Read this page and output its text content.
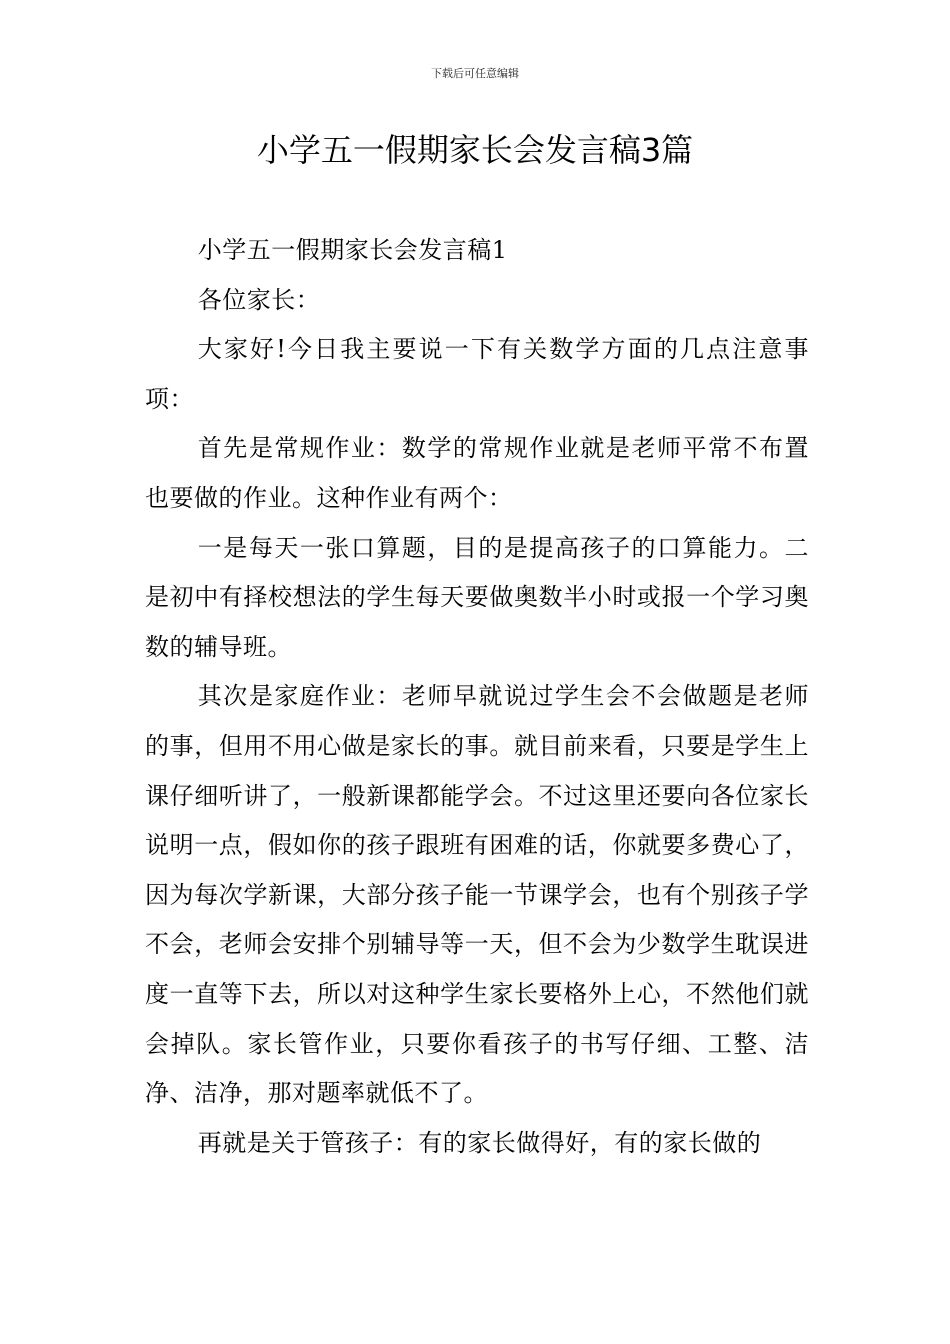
下载后可任意编辑
小学五一假期家长会发言稿3篇

小学五一假期家长会发言稿1

各位家长：

大家好!今日我主要说一下有关数学方面的几点注意事项：

首先是常规作业：数学的常规作业就是老师平常不布置也要做的作业。这种作业有两个：

一是每天一张口算题，目的是提高孩子的口算能力。二是初中有择校想法的学生每天要做奥数半小时或报一个学习奥数的辅导班。

其次是家庭作业：老师早就说过学生会不会做题是老师的事，但用不用心做是家长的事。就目前来看，只要是学生上课仔细听讲了，一般新课都能学会。不过这里还要向各位家长说明一点，假如你的孩子跟班有困难的话，你就要多费心了，因为每次学新课，大部分孩子能一节课学会，也有个别孩子学不会，老师会安排个别辅导等一天，但不会为少数学生耽误进度一直等下去，所以对这种学生家长要格外上心，不然他们就会掉队。家长管作业，只要你看孩子的书写仔细、工整、洁净、洁净，那对题率就低不了。

再就是关于管孩子：有的家长做得好，有的家长做的
